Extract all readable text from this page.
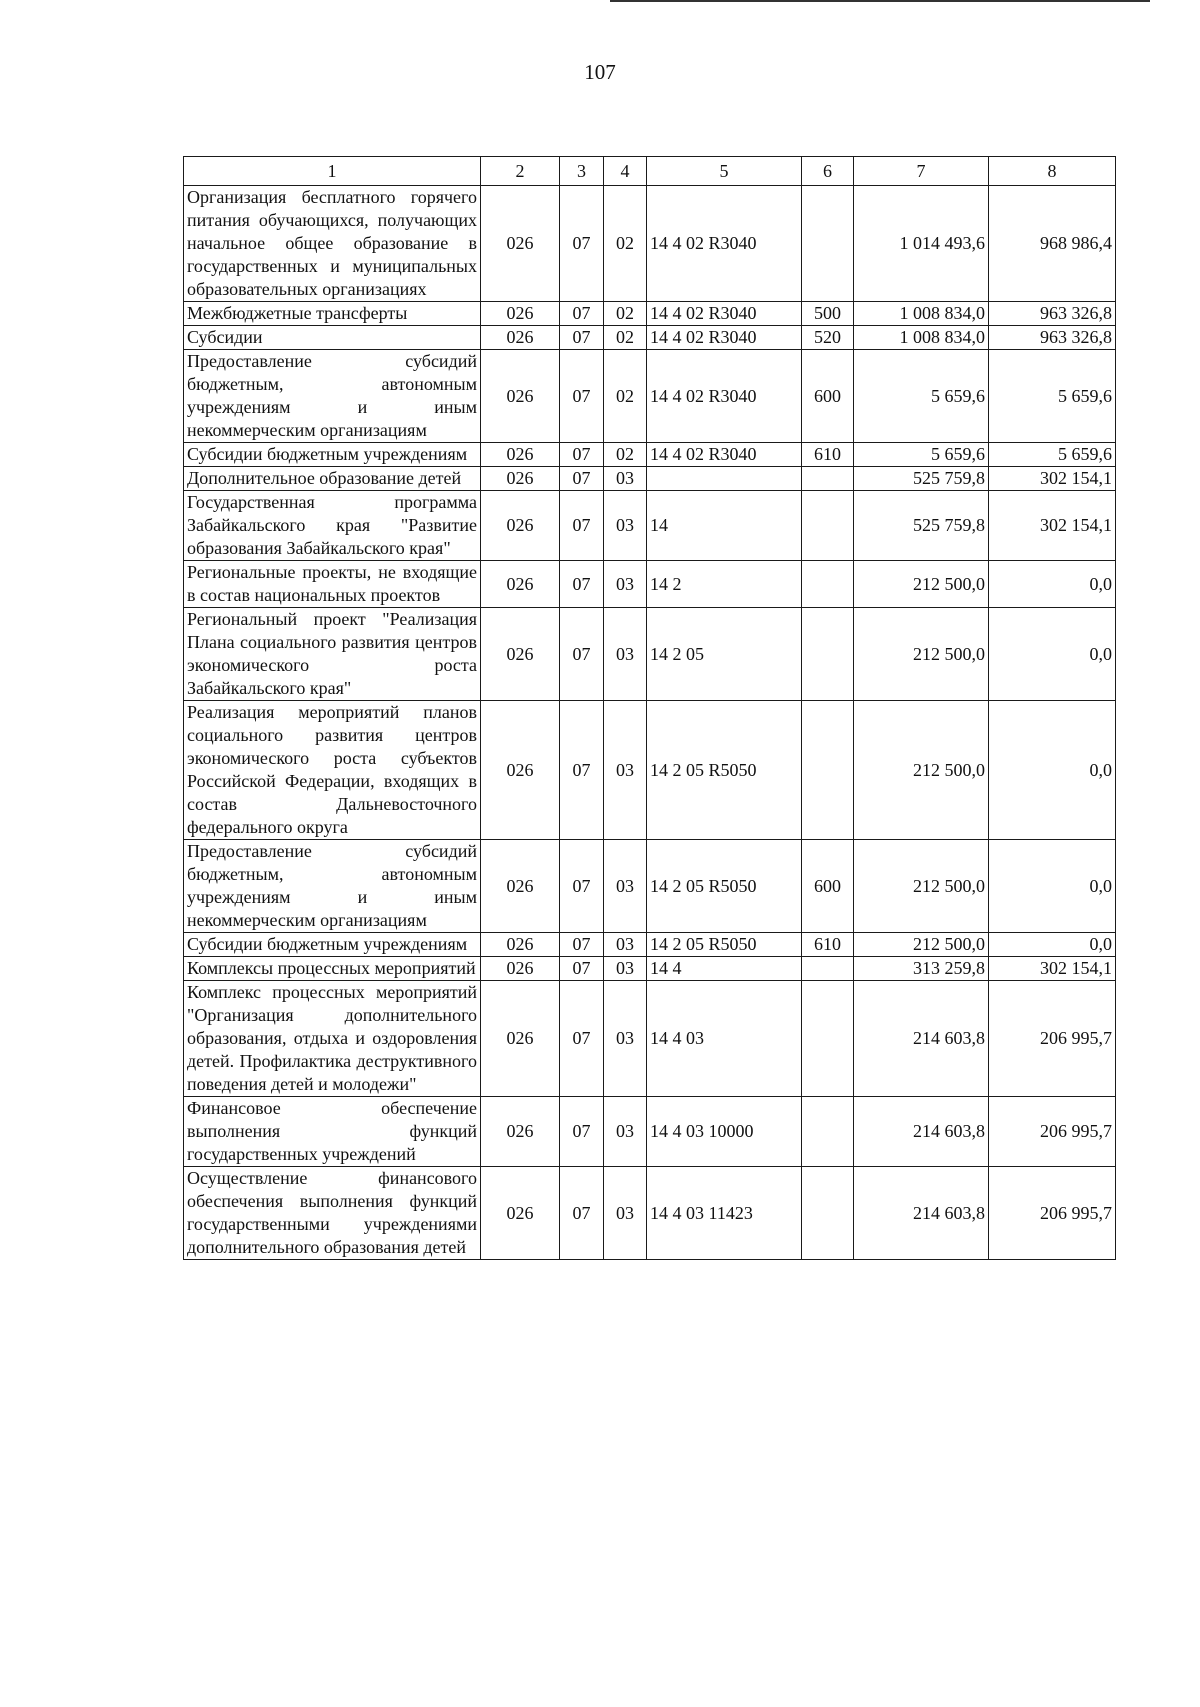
107
1	2	3	4	5	6	7	8
Организация бесплатного горячего питания обучающихся, получающих начальное общее образование в государственных и муниципальных образовательных организациях	026	07	02	14 4 02 R3040		1 014 493,6	968 986,4
Межбюджетные трансферты	026	07	02	14 4 02 R3040	500	1 008 834,0	963 326,8
Субсидии	026	07	02	14 4 02 R3040	520	1 008 834,0	963 326,8
Предоставление субсидий бюджетным, автономным учреждениям и иным некоммерческим организациям	026	07	02	14 4 02 R3040	600	5 659,6	5 659,6
Субсидии бюджетным учреждениям	026	07	02	14 4 02 R3040	610	5 659,6	5 659,6
Дополнительное образование детей	026	07	03			525 759,8	302 154,1
Государственная программа Забайкальского края "Развитие образования Забайкальского края"	026	07	03	14		525 759,8	302 154,1
Региональные проекты, не входящие в состав национальных проектов	026	07	03	14 2		212 500,0	0,0
Региональный проект "Реализация Плана социального развития центров экономического роста Забайкальского края"	026	07	03	14 2 05		212 500,0	0,0
Реализация мероприятий планов социального развития центров экономического роста субъектов Российской Федерации, входящих в состав Дальневосточного федерального округа	026	07	03	14 2 05 R5050		212 500,0	0,0
Предоставление субсидий бюджетным, автономным учреждениям и иным некоммерческим организациям	026	07	03	14 2 05 R5050	600	212 500,0	0,0
Субсидии бюджетным учреждениям	026	07	03	14 2 05 R5050	610	212 500,0	0,0
Комплексы процессных мероприятий	026	07	03	14 4		313 259,8	302 154,1
Комплекс процессных мероприятий "Организация дополнительного образования, отдыха и оздоровления детей. Профилактика деструктивного поведения детей и молодежи"	026	07	03	14 4 03		214 603,8	206 995,7
Финансовое обеспечение выполнения функций государственных учреждений	026	07	03	14 4 03 10000		214 603,8	206 995,7
Осуществление финансового обеспечения выполнения функций государственными учреждениями дополнительного образования детей	026	07	03	14 4 03 11423		214 603,8	206 995,7
